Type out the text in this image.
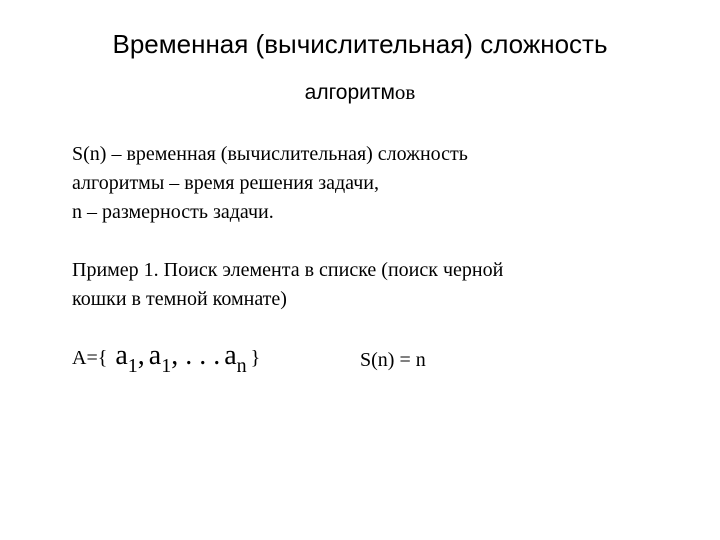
Временная (вычислительная) сложность
алгоритмов
S(n) – временная (вычислительная) сложность
алгоритмы – время решения задачи,
n – размерность задачи.
Пример 1. Поиск элемента в списке (поиск черной
кошки в темной комнате)
A={ a1, a1, . . . an }	S(n) = n
